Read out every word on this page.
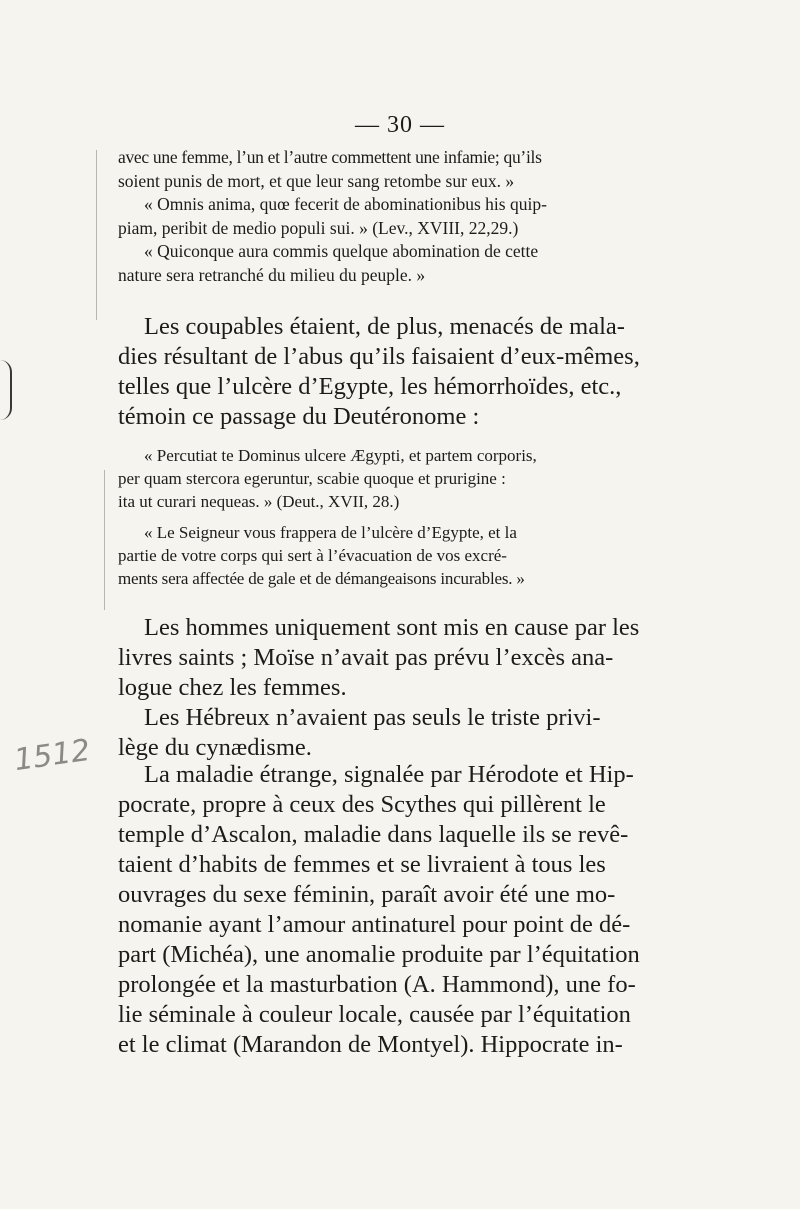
— 30 —
1512
avec une femme, l’un et l’autre commettent une infamie; qu’ils
soient punis de mort, et que leur sang retombe sur eux. »
« Omnis anima, quœ fecerit de abominationibus his quip-
piam, peribit de medio populi sui. » (Lev., XVIII, 22,29.)
« Quiconque aura commis quelque abomination de cette
nature sera retranché du milieu du peuple. »
Les coupables étaient, de plus, menacés de mala-
dies résultant de l’abus qu’ils faisaient d’eux-mêmes,
telles que l’ulcère d’Egypte, les hémorrhoïdes, etc.,
témoin ce passage du Deutéronome :
« Percutiat te Dominus ulcere Ægypti, et partem corporis,
per quam stercora egeruntur, scabie quoque et prurigine :
ita ut curari nequeas. » (Deut., XVII, 28.)
« Le Seigneur vous frappera de l’ulcère d’Egypte, et la
partie de votre corps qui sert à l’évacuation de vos excré-
ments sera affectée de gale et de démangeaisons incurables. »
Les hommes uniquement sont mis en cause par les
livres saints ; Moïse n’avait pas prévu l’excès ana-
logue chez les femmes.
Les Hébreux n’avaient pas seuls le triste privi-
lège du cynædisme.
La maladie étrange, signalée par Hérodote et Hip-
pocrate, propre à ceux des Scythes qui pillèrent le
temple d’Ascalon, maladie dans laquelle ils se revê-
taient d’habits de femmes et se livraient à tous les
ouvrages du sexe féminin, paraît avoir été une mo-
nomanie ayant l’amour antinaturel pour point de dé-
part (Michéa), une anomalie produite par l’équitation
prolongée et la masturbation (A. Hammond), une fo-
lie séminale à couleur locale, causée par l’équitation
et le climat (Marandon de Montyel). Hippocrate in-
